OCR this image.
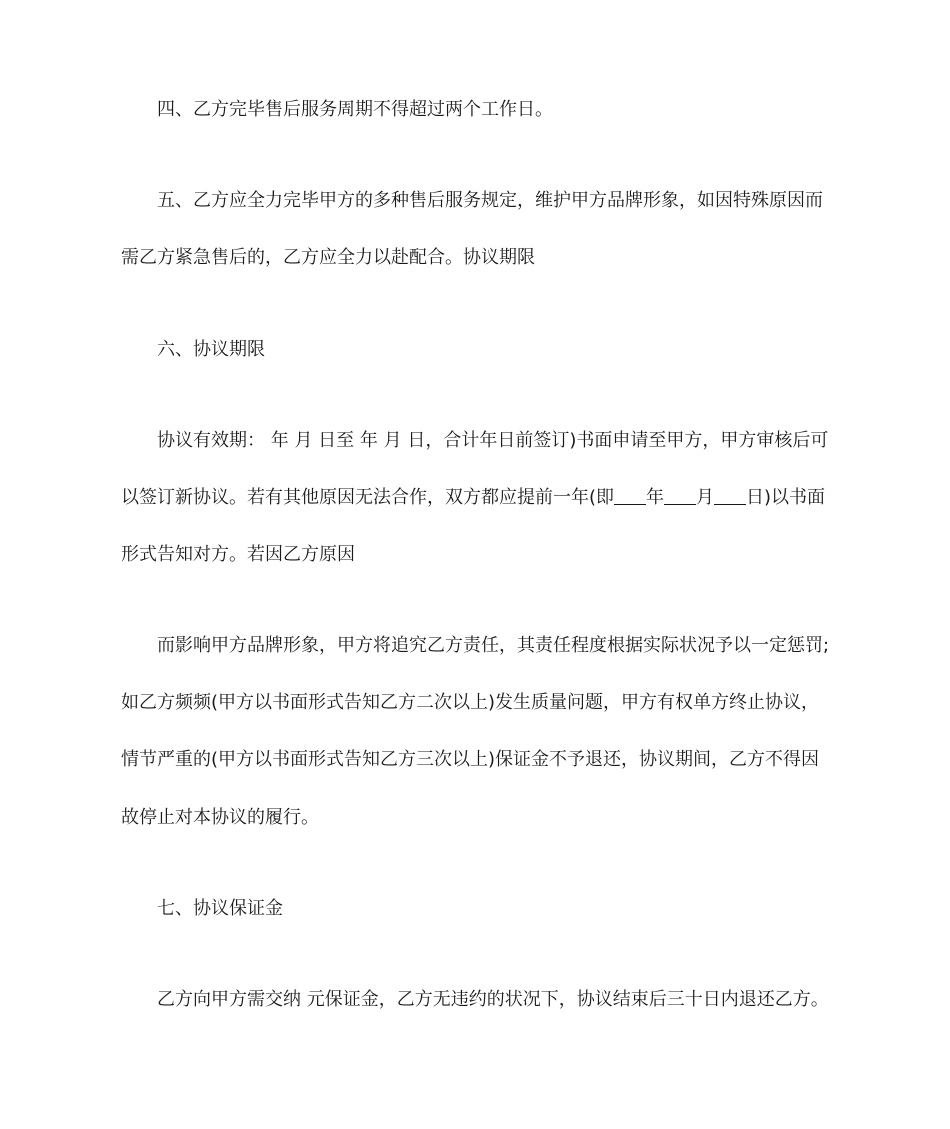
四、乙方完毕售后服务周期不得超过两个工作日。
五、乙方应全力完毕甲方的多种售后服务规定，维护甲方品牌形象，如因特殊原因而
需乙方紧急售后的，乙方应全力以赴配合。协议期限
六、协议期限
协议有效期： 年 月 日至 年 月 日，合计年日前签订)书面申请至甲方，甲方审核后可
以签订新协议。若有其他原因无法合作，双方都应提前一年(即 年 月 日)以书面
形式告知对方。若因乙方原因
而影响甲方品牌形象，甲方将追究乙方责任，其责任程度根据实际状况予以一定惩罚;
如乙方频频(甲方以书面形式告知乙方二次以上)发生质量问题，甲方有权单方终止协议，
情节严重的(甲方以书面形式告知乙方三次以上)保证金不予退还，协议期间，乙方不得因
故停止对本协议的履行。
七、协议保证金
乙方向甲方需交纳 元保证金，乙方无违约的状况下，协议结束后三十日内退还乙方。
